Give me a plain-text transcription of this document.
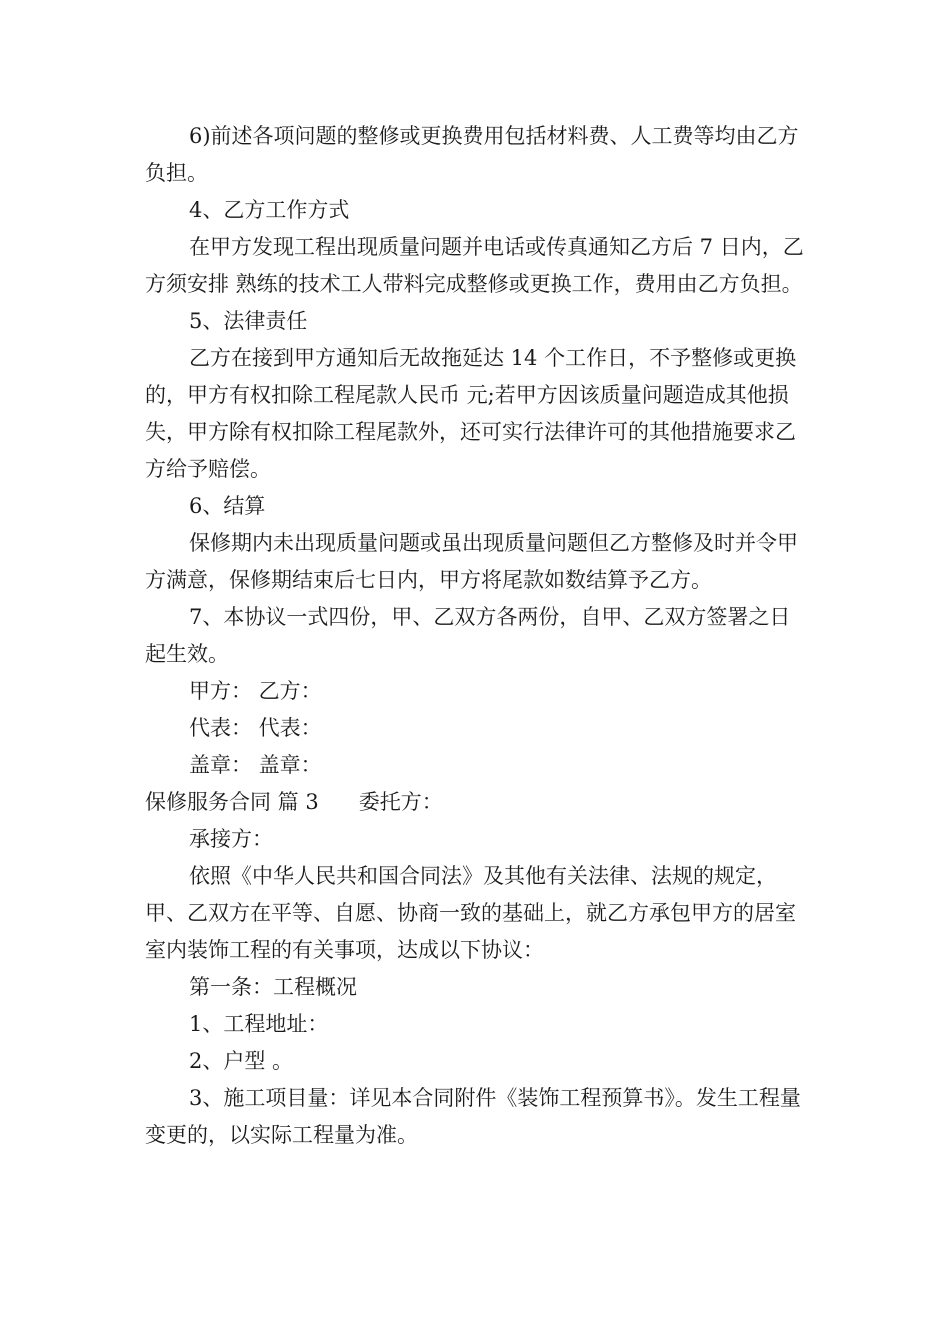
6)前述各项问题的整修或更换费用包括材料费、人工费等均由乙方负担。

4、乙方工作方式

在甲方发现工程出现质量问题并电话或传真通知乙方后 7 日内，乙方须安排 熟练的技术工人带料完成整修或更换工作，费用由乙方负担。

5、法律责任

乙方在接到甲方通知后无故拖延达 14 个工作日，不予整修或更换的，甲方有权扣除工程尾款人民币 元;若甲方因该质量问题造成其他损失，甲方除有权扣除工程尾款外，还可实行法律许可的其他措施要求乙方给予赔偿。

6、结算

保修期内未出现质量问题或虽出现质量问题但乙方整修及时并令甲方满意，保修期结束后七日内，甲方将尾款如数结算予乙方。

7、本协议一式四份，甲、乙双方各两份，自甲、乙双方签署之日起生效。

甲方： 乙方：

代表： 代表：

盖章： 盖章：

保修服务合同 篇 3 委托方：

承接方：

依照《中华人民共和国合同法》及其他有关法律、法规的规定，甲、乙双方在平等、自愿、协商一致的基础上，就乙方承包甲方的居室室内装饰工程的有关事项，达成以下协议：

第一条：工程概况

1、工程地址：

2、户型 。

3、施工项目量：详见本合同附件《装饰工程预算书》。发生工程量变更的，以实际工程量为准。
